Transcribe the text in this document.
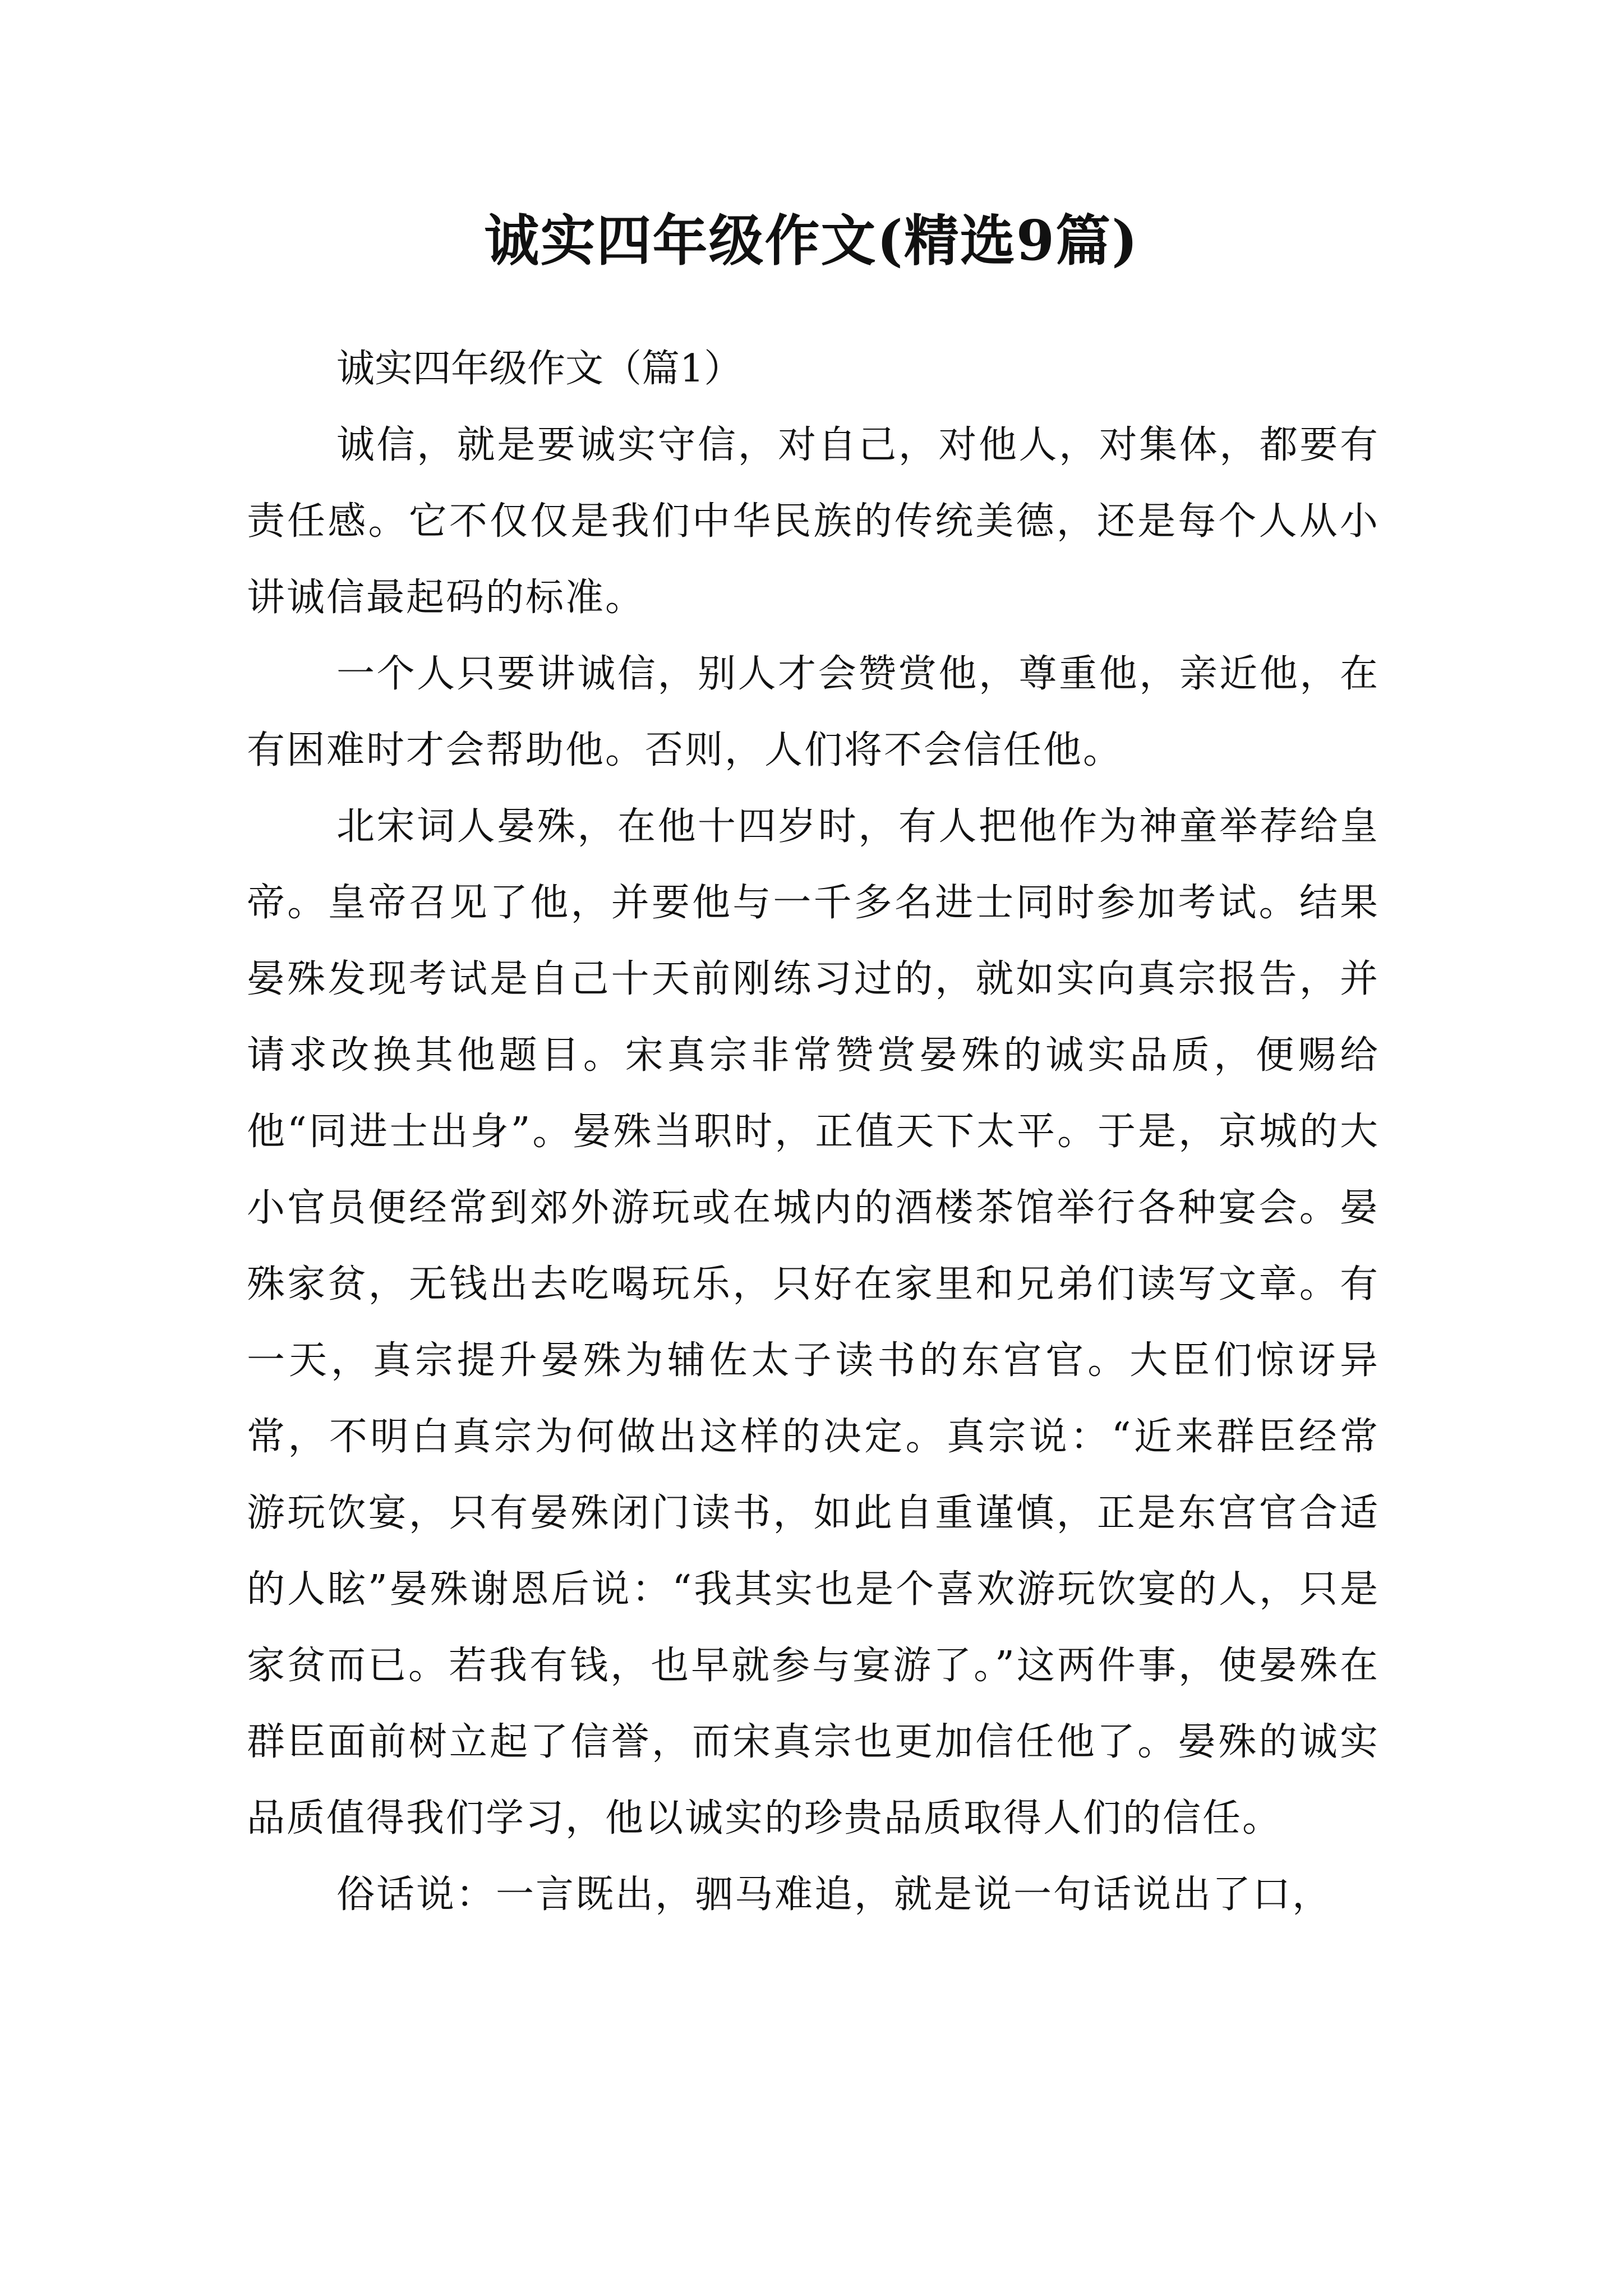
诚实四年级作文(精选9篇)

诚实四年级作文（篇1）

诚信，就是要诚实守信，对自己，对他人，对集体，都要有责任感。它不仅仅是我们中华民族的传统美德，还是每个人从小讲诚信最起码的标准。

一个人只要讲诚信，别人才会赞赏他，尊重他，亲近他，在有困难时才会帮助他。否则，人们将不会信任他。

北宋词人晏殊，在他十四岁时，有人把他作为神童举荐给皇帝。皇帝召见了他，并要他与一千多名进士同时参加考试。结果晏殊发现考试是自己十天前刚练习过的，就如实向真宗报告，并请求改换其他题目。宋真宗非常赞赏晏殊的诚实品质，便赐给他“同进士出身”。晏殊当职时，正值天下太平。于是，京城的大小官员便经常到郊外游玩或在城内的酒楼茶馆举行各种宴会。晏殊家贫，无钱出去吃喝玩乐，只好在家里和兄弟们读写文章。有一天，真宗提升晏殊为辅佐太子读书的东宫官。大臣们惊讶异常，不明白真宗为何做出这样的决定。真宗说：“近来群臣经常游玩饮宴，只有晏殊闭门读书，如此自重谨慎，正是东宫官合适的人眩”晏殊谢恩后说：“我其实也是个喜欢游玩饮宴的人，只是家贫而已。若我有钱，也早就参与宴游了。”这两件事，使晏殊在群臣面前树立起了信誉，而宋真宗也更加信任他了。晏殊的诚实品质值得我们学习，他以诚实的珍贵品质取得人们的信任。

俗话说：一言既出，驷马难追，就是说一句话说出了口，
